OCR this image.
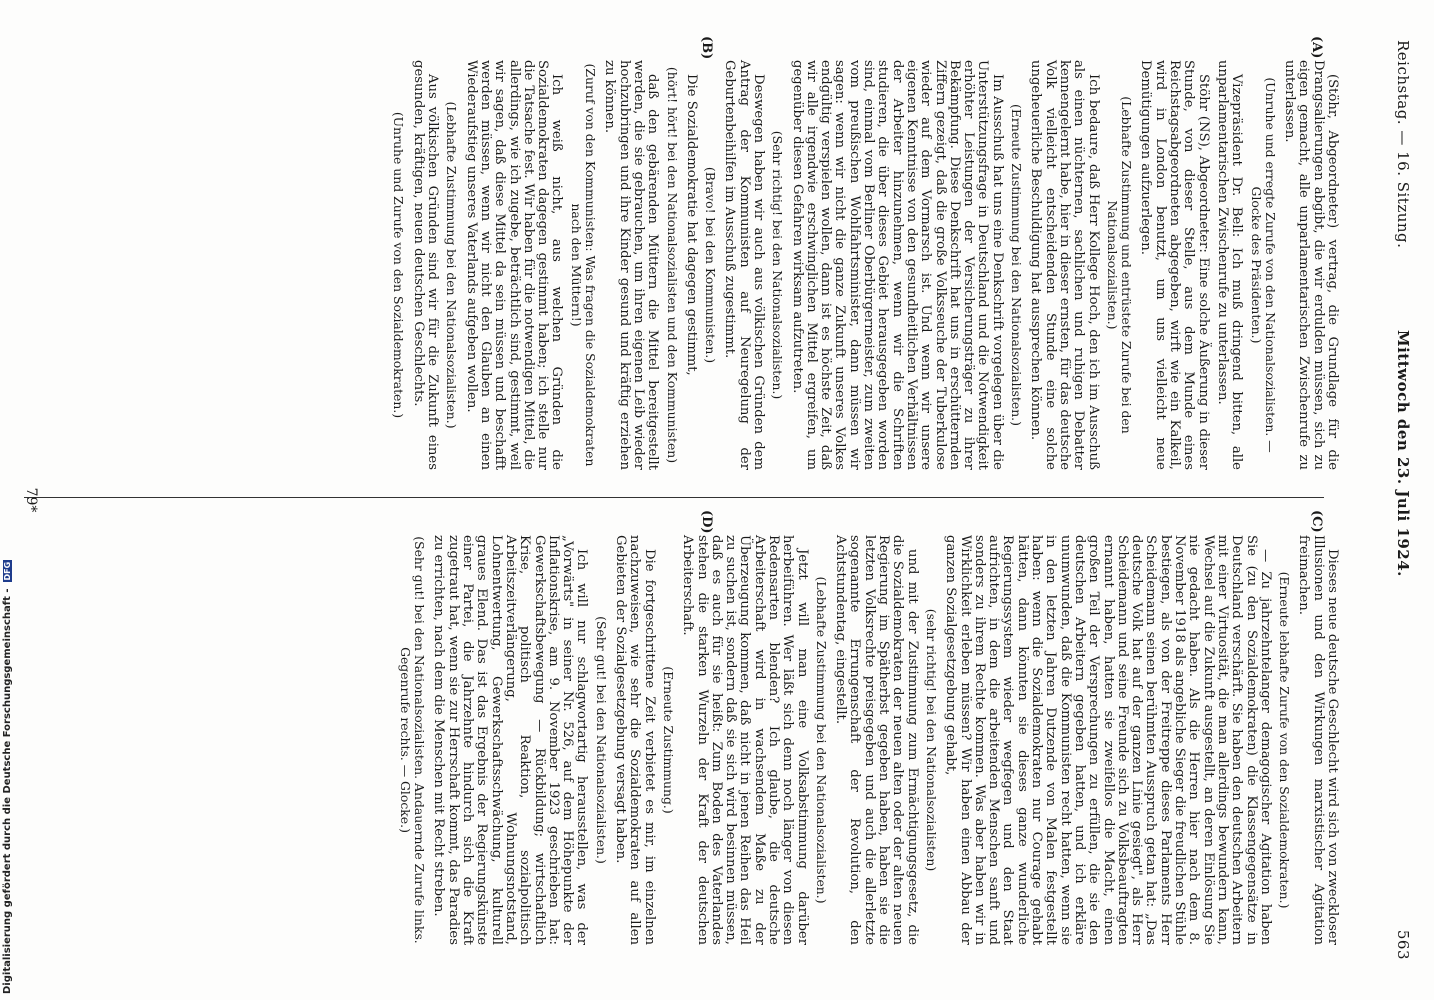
Reichstag. — 16. Sitzung.
Mittwoch den 23. Juli 1924.
563
(A)
(B)
(C)
(D)

(Stöhr, Abgeordneter) vertrag, die Grundlage für die Drangsalierungen abgibt, die wir erdulden müssen, sich zu eigen gemacht, alle unparlamentarischen Zwischenrufe zu unterlassen.

(Unruhe und erregte Zurufe von den Nationalsozialisten. — Glocke des Präsidenten.)

Vizepräsident Dr. Bell: Ich muß dringend bitten, alle unparlamentarischen Zwischenrufe zu unterlassen.

Stöhr (NS), Abgeordneter: Eine solche Äußerung in dieser Stunde, von dieser Stelle, aus dem Munde eines Reichstagsabgeordneten abgegeben, wirft wie ein Kalkeil, wird in London benutzt, um uns vielleicht neue Demütigungen aufzuerlegen.

(Lebhafte Zustimmung und entrüstete Zurufe bei den Nationalsozialisten.)

Ich bedaure, daß Herr Kollege Hoch, den ich im Ausschuß als einen nüchternen, sachlichen und ruhigen Debatter kennengelernt habe, hier in dieser ernsten, für das deutsche Volk vielleicht entscheidenden Stunde eine solche ungeheuerliche Beschuldigung hat aussprechen können.

(Erneute Zustimmung bei den Nationalsozialisten.)

Im Ausschuß hat uns eine Denkschrift vorgelegen über die Unterstützungsfrage in Deutschland und die Notwendigkeit erhöhter Leistungen der Versicherungsträger zu ihrer Bekämpfung. Diese Denkschrift hat uns in erschütternden Ziffern gezeigt, daß die große Volksseuche der Tuberkulose wieder auf dem Vormarsch ist. Und wenn wir unsere eigenen Kenntnisse von den gesundheitlichen Verhältnissen der Arbeiter hinzunehmen, wenn wir die Schriften studieren, die über dieses Gebiet herausgegeben worden sind, einmal vom Berliner Oberbürgermeister, zum zweiten vom preußischen Wohlfahrtsminister, dann müssen wir sagen: wenn wir nicht die ganze Zukunft unseres Volkes endgültig verspielen wollen, dann ist es höchste Zeit, daß wir alle irgendwie erschwinglichen Mittel ergreifen, um gegenüber diesen Gefahren wirksam aufzutreten.

(Sehr richtig! bei den Nationalsozialisten.)

Deswegen haben wir auch aus völkischen Gründen dem Antrag der Kommunisten auf Neuregelung der Geburtenbeihilfen im Ausschuß zugestimmt.

(Bravo! bei den Kommunisten.)

Die Sozialdemokratie hat dagegen gestimmt,

(hört! hört! bei den Nationalsozialisten und den Kommunisten)

daß den gebärenden Müttern die Mittel bereitgestellt werden, die sie gebrauchen, um ihren eigenen Leib wieder hochzubringen und ihre Kinder gesund und kräftig erziehen zu können.

(Zuruf von den Kommunisten: Was fragen die Sozialdemokraten nach den Müttern!)

Ich weiß nicht, aus welchen Gründen die Sozialdemokraten dagegen gestimmt haben; ich stelle nur die Tatsache fest. Wir haben für die notwendigen Mittel, die allerdings, wie ich zugebe, beträchtlich sind, gestimmt, weil wir sagen, daß diese Mittel da sein müssen und beschafft werden müssen, wenn wir nicht den Glauben an einen Wiederaufstieg unseres Vaterlands aufgeben wollen.

(Lebhafte Zustimmung bei den Nationalsozialisten.)

Aus völkischen Gründen sind wir für die Zukunft eines gesunden, kräftigen, neuen deutschen Geschlechts.

(Unruhe und Zurufe von den Sozialdemokraten.)

Dieses neue deutsche Geschlecht wird sich von zweckloser Illusionen und den Wirkungen marxistischer Agitation freimachen.

(Erneute lebhafte Zurufe von den Sozialdemokraten.)

— Zu jahrzehntelanger demagogischer Agitation haben Sie (zu den Sozialdemokraten) die Klassengegensätze in Deutschland verschärft. Sie haben den deutschen Arbeitern mit einer Virtuosität, die man allerdings bewundern kann, Wechsel auf die Zukunft ausgestellt, an deren Einlösung Sie nie gedacht haben. Als die Herren hier nach dem 8. November 1918 als angebliche Sieger die freudlichen Stühle bestiegen, als von der Freitreppe dieses Parlaments Herr Scheidemann seinen berühmten Ausspruch getan hat: „Das deutsche Volk hat auf der ganzen Linie gesiegt", als Herr Scheidemann und seine Freunde sich zu Volksbeauftragten ernannt haben, hatten sie zweifellos die Macht, einen großen Teil der Versprechungen zu erfüllen, die sie den deutschen Arbeitern gegeben hatten, und ich erkläre unumwunden, daß die Kommunisten recht hatten, wenn sie in den letzten Jahren Dutzende von Malen festgestellt haben: wenn die Sozialdemokraten nur Courage gehabt hätten, dann könnten sie dieses ganze wunderliche Regierungssystem wieder wegfegen und den Staat aufrichten, in dem die arbeitenden Menschen sanft und sonders zu ihrem Rechte kommen. Was aber haben wir in Wirklichkeit erleben müssen? Wir haben einen Abbau der ganzen Sozialgesetzgebung gehabt,

(sehr richtig! bei den Nationalsozialisten)

und mit der Zustimmung zum Ermächtigungsgesetz, die die Sozialdemokraten der neuen alten oder der alten neuen Regierung im Spätherbst gegeben haben, haben sie die letzten Volksrechte preisgegeben und auch die allerletzte sogenannte Errungenschaft der Revolution, den Achtstundentag, eingestellt.

(Lebhafte Zustimmung bei den Nationalsozialisten.)

Jetzt will man eine Volksabstimmung darüber herbeiführen. Wer läßt sich denn noch länger von diesen Redensarten blenden? Ich glaube, die deutsche Arbeiterschaft wird in wachsendem Maße zu der Überzeugung kommen, daß nicht in jenen Reihen das Heil zu suchen ist, sondern daß sie sich wird besinnen müssen, daß es auch für sie heißt: Zum Boden des Vaterlandes stehen die starken Wurzeln der Kraft der deutschen Arbeiterschaft.

(Erneute Zustimmung.)

Die fortgeschrittene Zeit verbietet es mir, im einzelnen nachzuweisen, wie sehr die Sozialdemokraten auf allen Gebieten der Sozialgesetzgebung versagt haben.

(Sehr gut! bei den Nationalsozialisten.)

Ich will nur schlagwortartig herausstellen, was der „Vorwärts" in seiner Nr. 526, auf dem Höhepunkte der Inflationskrise, am 9. November 1923 geschrieben hat: Gewerkschaftsbewegung — Rückbildung; wirtschaftlich Krise, politisch Reaktion, sozialpolitisch Arbeitszeitverlängerung, Wohnungsnotstand, Lohnentwertung, Gewerkschaftsschwächung, kulturell graues Elend. Das ist das Ergebnis der Regierungskünste einer Partei, die Jahrzehnte hindurch sich die Kraft zugetraut hat, wenn sie zur Herrschaft kommt, das Paradies zu errichten, nach dem die Menschen mit Recht streben.

(Sehr gut! bei den Nationalsozialisten. Andauernde Zurufe links. Gegenrufe rechts. — Glocke.)

79*
Digitalisierung gefördert durch die Deutsche Forschungsgemeinschaft -DFG
